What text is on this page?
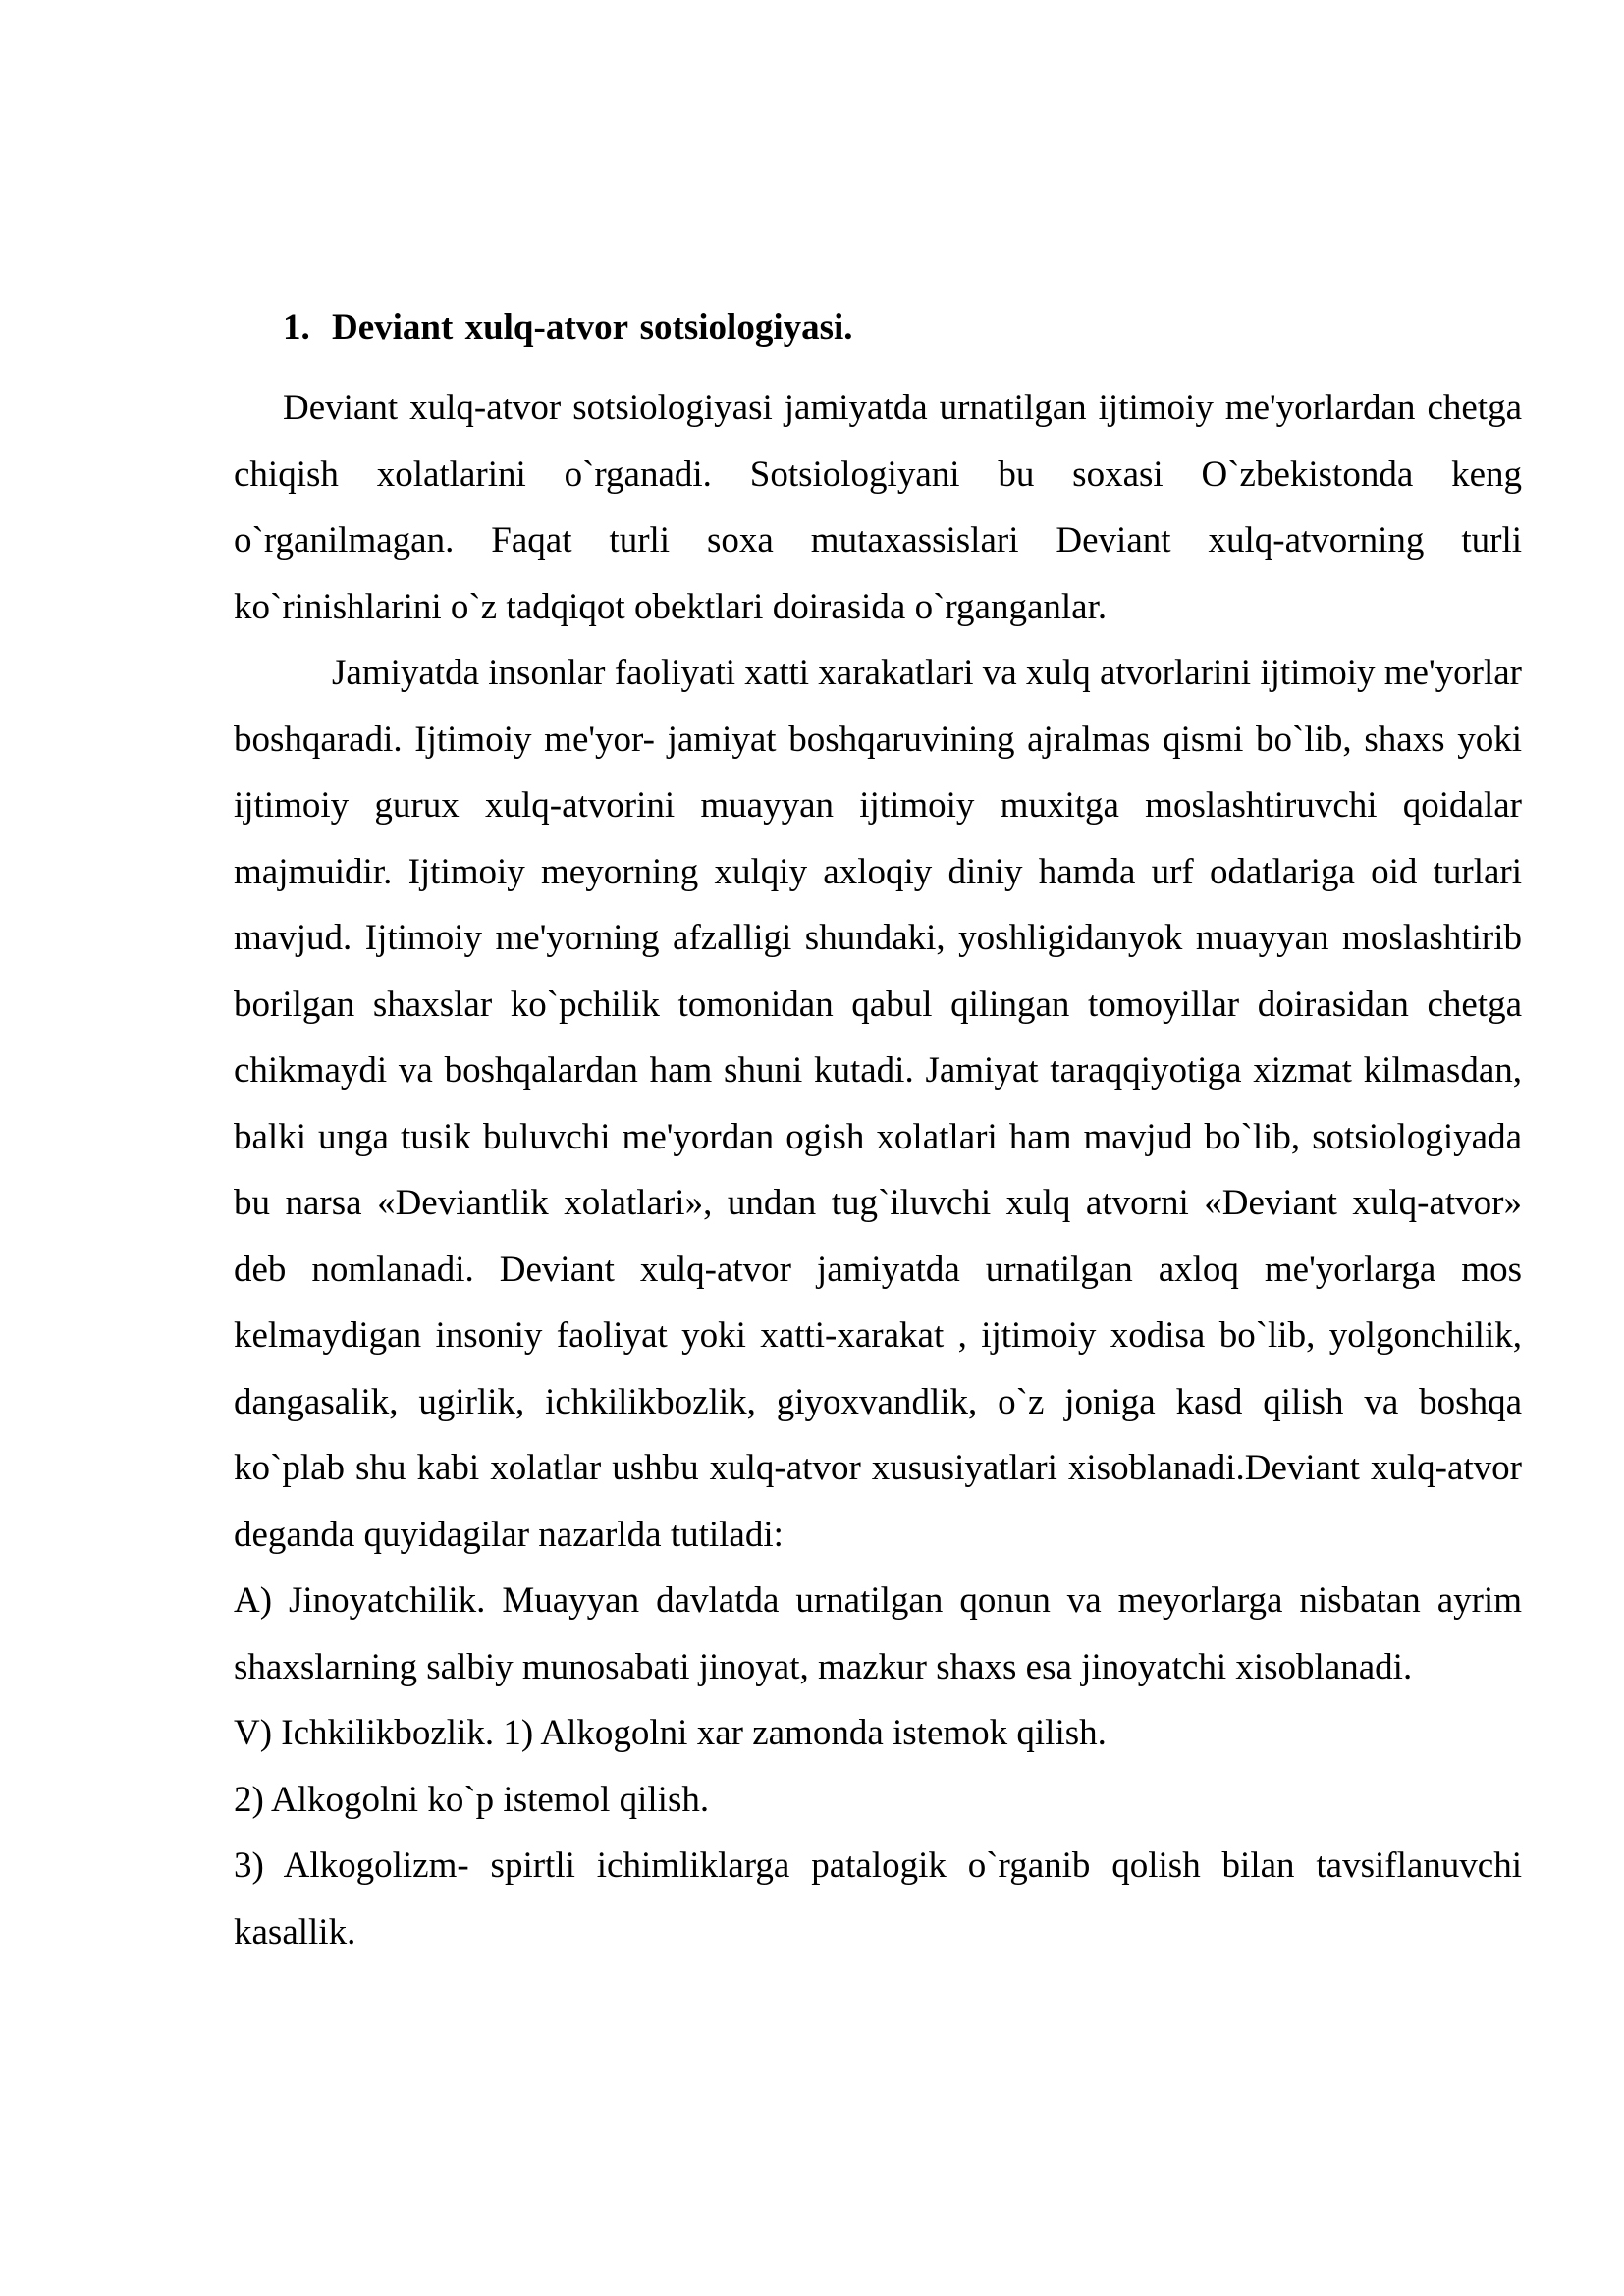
1. Deviant xulq-atvor sotsiologiyasi.

Deviant xulq-atvor sotsiologiyasi jamiyatda urnatilgan ijtimoiy me'yorlardan chetga chiqish xolatlarini o`rganadi. Sotsiologiyani bu soxasi O`zbekistonda keng o`rganilmagan. Faqat turli soxa mutaxassislari Deviant xulq-atvorning turli ko`rinishlarini o`z tadqiqot obektlari doirasida o`rganganlar.

Jamiyatda insonlar faoliyati xatti xarakatlari va xulq atvorlarini ijtimoiy me'yorlar boshqaradi. Ijtimoiy me'yor- jamiyat boshqaruvining ajralmas qismi bo`lib, shaxs yoki ijtimoiy gurux xulq-atvorini muayyan ijtimoiy muxitga moslashtiruvchi qoidalar majmuidir. Ijtimoiy meyorning xulqiy axloqiy diniy hamda urf odatlariga oid turlari mavjud. Ijtimoiy me'yorning afzalligi shundaki, yoshligidanyok muayyan moslashtirib borilgan shaxslar ko`pchilik tomonidan qabul qilingan tomoyillar doirasidan chetga chikmaydi va boshqalardan ham shuni kutadi. Jamiyat taraqqiyotiga xizmat kilmasdan, balki unga tusik buluvchi me'yordan ogish xolatlari ham mavjud bo`lib, sotsiologiyada bu narsa «Deviantlik xolatlari», undan tug`iluvchi xulq atvorni «Deviant xulq-atvor» deb nomlanadi. Deviant xulq-atvor jamiyatda urnatilgan axloq me'yorlarga mos kelmaydigan insoniy faoliyat yoki xatti-xarakat , ijtimoiy xodisa bo`lib, yolgonchilik, dangasalik, ugirlik, ichkilikbozlik, giyoxvandlik, o`z joniga kasd qilish va boshqa ko`plab shu kabi xolatlar ushbu xulq-atvor xususiyatlari xisoblanadi.Deviant xulq-atvor deganda quyidagilar nazarlda tutiladi:

A) Jinoyatchilik. Muayyan davlatda urnatilgan qonun va meyorlarga nisbatan ayrim shaxslarning salbiy munosabati jinoyat, mazkur shaxs esa jinoyatchi xisoblanadi.

V) Ichkilikbozlik. 1) Alkogolni xar zamonda istemok qilish.

2) Alkogolni ko`p istemol qilish.

3) Alkogolizm- spirtli ichimliklarga patalogik o`rganib qolish bilan tavsiflanuvchi kasallik.
